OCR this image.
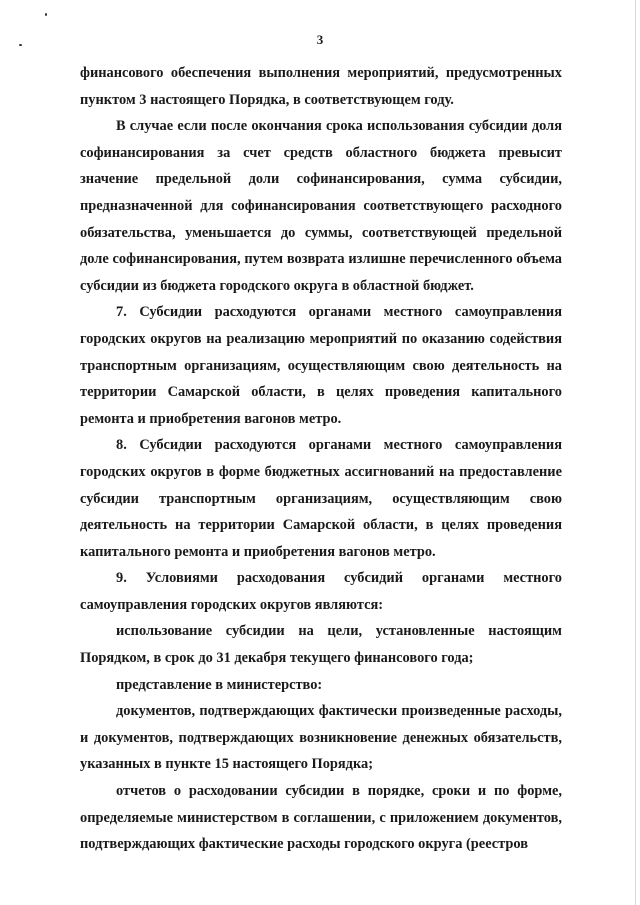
3

финансового обеспечения выполнения мероприятий, предусмотренных пунктом 3 настоящего Порядка, в соответствующем году.

В случае если после окончания срока использования субсидии доля софинансирования за счет средств областного бюджета превысит значение предельной доли софинансирования, сумма субсидии, предназначенной для софинансирования соответствующего расходного обязательства, уменьшается до суммы, соответствующей предельной доле софинансирования, путем возврата излишне перечисленного объема субсидии из бюджета городского округа в областной бюджет.

7. Субсидии расходуются органами местного самоуправления городских округов на реализацию мероприятий по оказанию содействия транспортным организациям, осуществляющим свою деятельность на территории Самарской области, в целях проведения капитального ремонта и приобретения вагонов метро.

8. Субсидии расходуются органами местного самоуправления городских округов в форме бюджетных ассигнований на предоставление субсидии транспортным организациям, осуществляющим свою деятельность на территории Самарской области, в целях проведения капитального ремонта и приобретения вагонов метро.

9. Условиями расходования субсидий органами местного самоуправления городских округов являются:

использование субсидии на цели, установленные настоящим Порядком, в срок до 31 декабря текущего финансового года;

представление в министерство:

документов, подтверждающих фактически произведенные расходы, и документов, подтверждающих возникновение денежных обязательств, указанных в пункте 15 настоящего Порядка;

отчетов о расходовании субсидии в порядке, сроки и по форме, определяемые министерством в соглашении, с приложением документов, подтверждающих фактические расходы городского округа (реестров
